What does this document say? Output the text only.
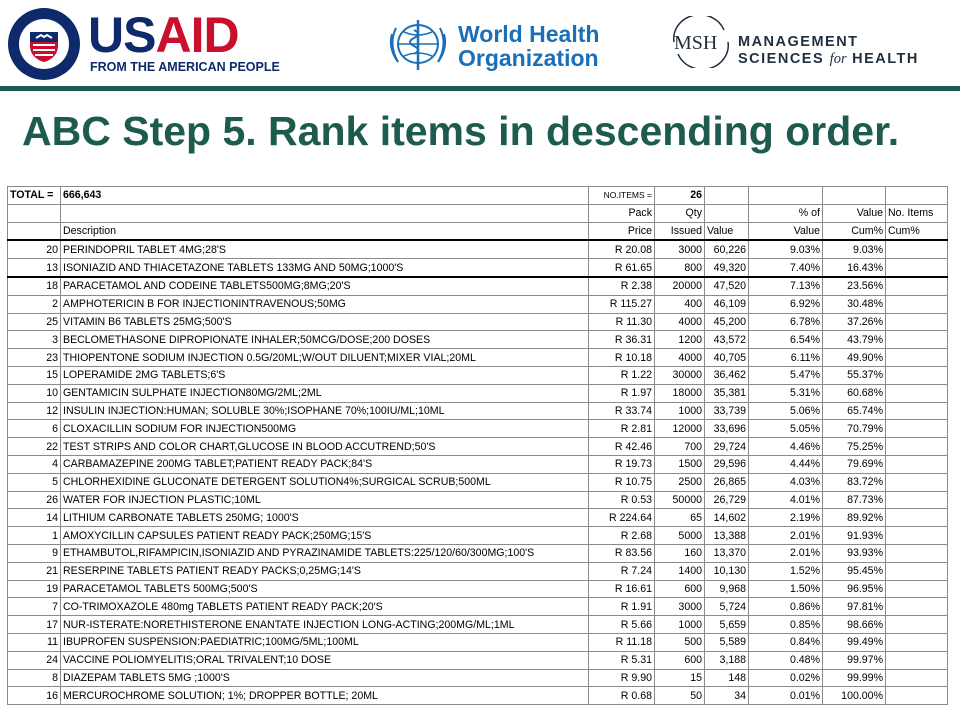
USAID
FROM THE AMERICAN PEOPLE
World Health
Organization
MSH MANAGEMENT
SCIENCES for HEALTH
ABC Step 5. Rank items in descending order.
TOTAL =	666,643	NO.ITEMS =	26				
		Pack	Qty		% of	Value	No. Items
	Description	Price	Issued	Value	Value	Cum%	Cum%
20	PERINDOPRIL TABLET 4MG;28'S	R 20.08	3000	60,226	9.03%	9.03%	
13	ISONIAZID AND THIACETAZONE TABLETS 133MG AND 50MG;1000'S	R 61.65	800	49,320	7.40%	16.43%	
18	PARACETAMOL AND CODEINE TABLETS500MG;8MG;20'S	R 2.38	20000	47,520	7.13%	23.56%	
2	AMPHOTERICIN B FOR INJECTIONINTRAVENOUS;50MG	R 115.27	400	46,109	6.92%	30.48%	
25	VITAMIN B6 TABLETS 25MG;500'S	R 11.30	4000	45,200	6.78%	37.26%	
3	BECLOMETHASONE DIPROPIONATE INHALER;50MCG/DOSE;200 DOSES	R 36.31	1200	43,572	6.54%	43.79%	
23	THIOPENTONE SODIUM INJECTION 0.5G/20ML;W/OUT DILUENT;MIXER VIAL;20ML	R 10.18	4000	40,705	6.11%	49.90%	
15	LOPERAMIDE 2MG TABLETS;6'S	R 1.22	30000	36,462	5.47%	55.37%	
10	GENTAMICIN SULPHATE INJECTION80MG/2ML;2ML	R 1.97	18000	35,381	5.31%	60.68%	
12	INSULIN INJECTION:HUMAN; SOLUBLE 30%;ISOPHANE 70%;100IU/ML;10ML	R 33.74	1000	33,739	5.06%	65.74%	
6	CLOXACILLIN SODIUM FOR INJECTION500MG	R 2.81	12000	33,696	5.05%	70.79%	
22	TEST STRIPS AND COLOR CHART,GLUCOSE IN BLOOD ACCUTREND;50'S	R 42.46	700	29,724	4.46%	75.25%	
4	CARBAMAZEPINE 200MG TABLET;PATIENT READY PACK;84'S	R 19.73	1500	29,596	4.44%	79.69%	
5	CHLORHEXIDINE GLUCONATE DETERGENT SOLUTION4%;SURGICAL SCRUB;500ML	R 10.75	2500	26,865	4.03%	83.72%	
26	WATER FOR INJECTION PLASTIC;10ML	R 0.53	50000	26,729	4.01%	87.73%	
14	LITHIUM CARBONATE TABLETS 250MG; 1000'S	R 224.64	65	14,602	2.19%	89.92%	
1	AMOXYCILLIN CAPSULES PATIENT READY PACK;250MG;15'S	R 2.68	5000	13,388	2.01%	91.93%	
9	ETHAMBUTOL,RIFAMPICIN,ISONIAZID AND PYRAZINAMIDE TABLETS:225/120/60/300MG;100'S	R 83.56	160	13,370	2.01%	93.93%	
21	RESERPINE TABLETS PATIENT READY PACKS;0,25MG;14'S	R 7.24	1400	10,130	1.52%	95.45%	
19	PARACETAMOL TABLETS 500MG;500'S	R 16.61	600	9,968	1.50%	96.95%	
7	CO-TRIMOXAZOLE 480mg TABLETS PATIENT READY PACK;20'S	R 1.91	3000	5,724	0.86%	97.81%	
17	NUR-ISTERATE:NORETHISTERONE ENANTATE INJECTION LONG-ACTING;200MG/ML;1ML	R 5.66	1000	5,659	0.85%	98.66%	
11	IBUPROFEN SUSPENSION:PAEDIATRIC;100MG/5ML;100ML	R 11.18	500	5,589	0.84%	99.49%	
24	VACCINE POLIOMYELITIS;ORAL TRIVALENT;10 DOSE	R 5.31	600	3,188	0.48%	99.97%	
8	DIAZEPAM TABLETS 5MG ;1000'S	R 9.90	15	148	0.02%	99.99%	
16	MERCUROCHROME SOLUTION; 1%; DROPPER BOTTLE; 20ML	R 0.68	50	34	0.01%	100.00%	
